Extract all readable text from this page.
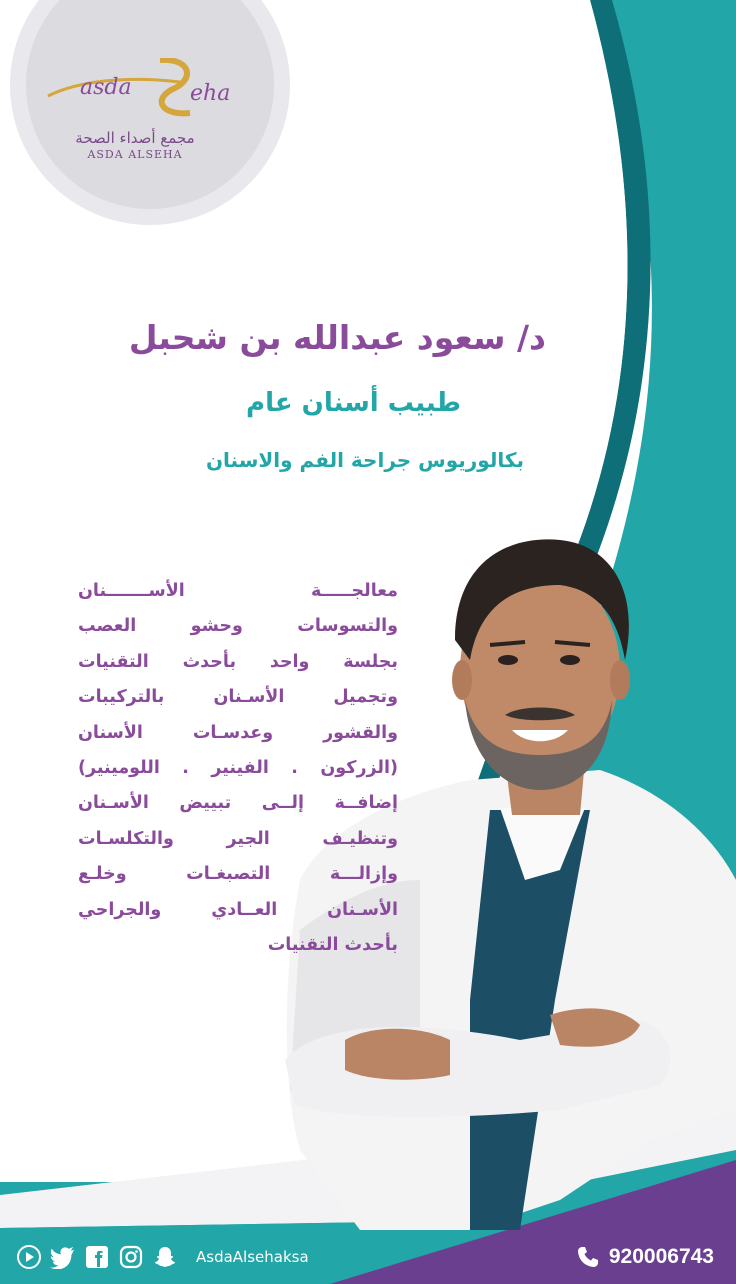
asda	eha
مجمع أصداء الصحة
ASDA ALSEHA
د/ سعود عبدالله بن شحبل
طبيب أسنان عام
بكالوريوس جراحة الفم والاسنان
معالجـــــة الأســـــــنان
والتسوسات وحشو العصب
بجلسة واحد بأحدث التقنيات
وتجميل الأسـنان بالتركيبات
والقشور وعدسـات الأسنان
(الزركون . الفينير . اللومينير)
إضافــة إلــى تبييض الأسـنان
وتنظيـف الجير والتكلسـات
وإزالـــة التصبغـات وخلـع
الأسـنان العــادي والجراحي
بأحدث التقنيات
AsdaAlsehaksa	920006743
